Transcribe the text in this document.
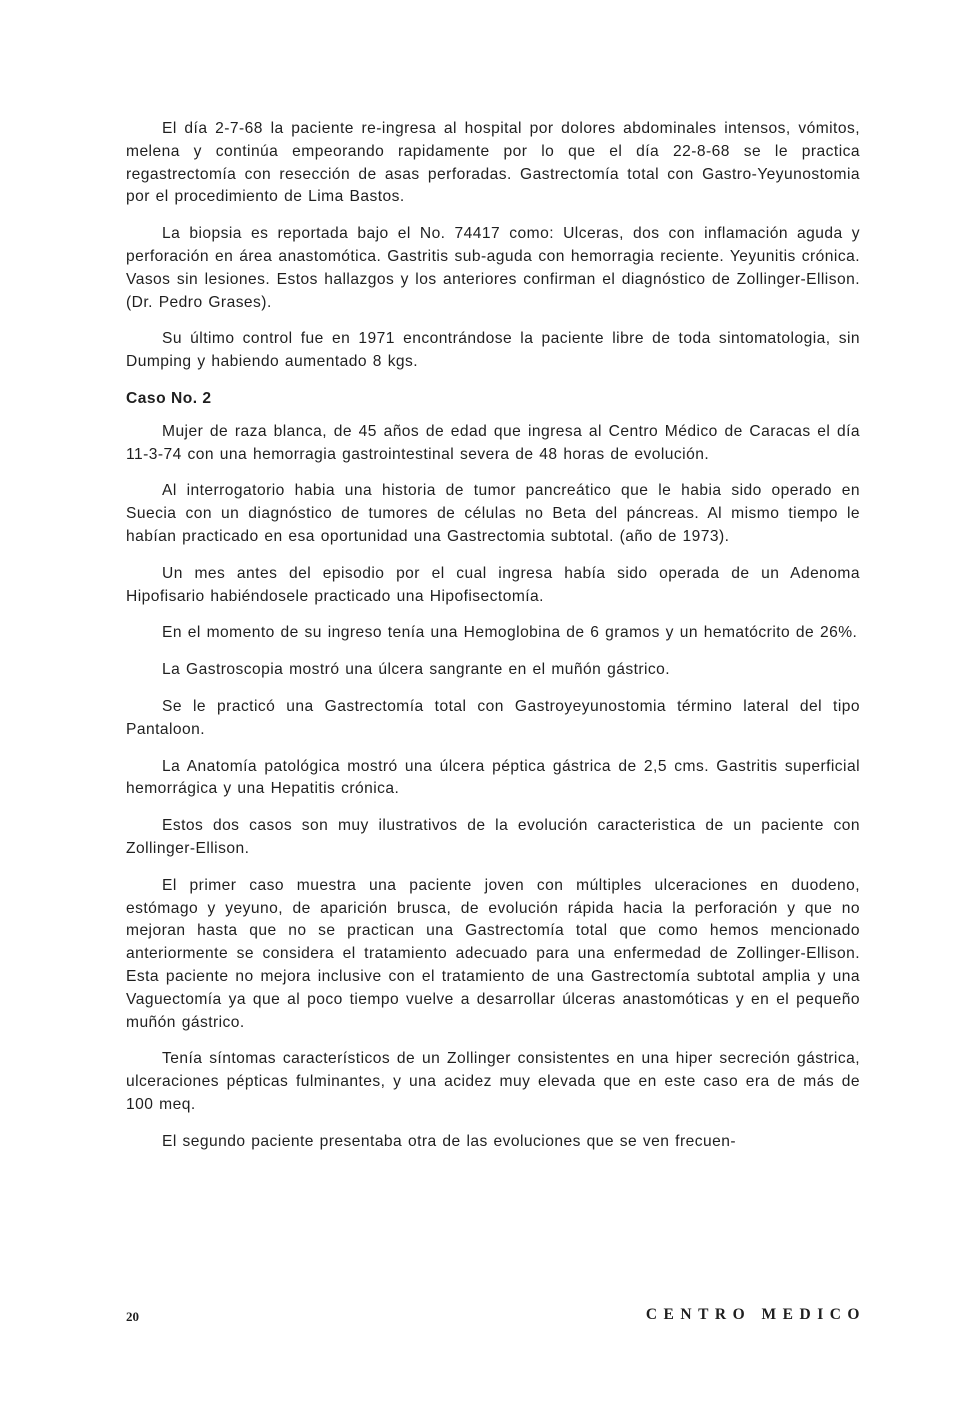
El día 2-7-68 la paciente re-ingresa al hospital por dolores abdominales intensos, vómitos, melena y continúa empeorando rapidamente por lo que el día 22-8-68 se le practica regastrectomía con resección de asas perforadas. Gastrectomía total con Gastro-Yeyunostomia por el procedimiento de Lima Bastos.

La biopsia es reportada bajo el No. 74417 como: Ulceras, dos con inflamación aguda y perforación en área anastomótica. Gastritis sub-aguda con hemorragia reciente. Yeyunitis crónica. Vasos sin lesiones. Estos hallazgos y los anteriores confirman el diagnóstico de Zollinger-Ellison. (Dr. Pedro Grases).

Su último control fue en 1971 encontrándose la paciente libre de toda sintomatologia, sin Dumping y habiendo aumentado 8 kgs.

Caso No. 2

Mujer de raza blanca, de 45 años de edad que ingresa al Centro Médico de Caracas el día 11-3-74 con una hemorragia gastrointestinal severa de 48 horas de evolución.

Al interrogatorio habia una historia de tumor pancreático que le habia sido operado en Suecia con un diagnóstico de tumores de células no Beta del páncreas. Al mismo tiempo le habían practicado en esa oportunidad una Gastrectomia subtotal. (año de 1973).

Un mes antes del episodio por el cual ingresa había sido operada de un Adenoma Hipofisario habiéndosele practicado una Hipofisectomía.

En el momento de su ingreso tenía una Hemoglobina de 6 gramos y un hematócrito de 26%.

La Gastroscopia mostró una úlcera sangrante en el muñón gástrico.

Se le practicó una Gastrectomía total con Gastroyeyunostomia término lateral del tipo Pantaloon.

La Anatomía patológica mostró una úlcera péptica gástrica de 2,5 cms. Gastritis superficial hemorrágica y una Hepatitis crónica.

Estos dos casos son muy ilustrativos de la evolución caracteristica de un paciente con Zollinger-Ellison.

El primer caso muestra una paciente joven con múltiples ulceraciones en duodeno, estómago y yeyuno, de aparición brusca, de evolución rápida hacia la perforación y que no mejoran hasta que no se practican una Gastrectomía total que como hemos mencionado anteriormente se considera el tratamiento adecuado para una enfermedad de Zollinger-Ellison. Esta paciente no mejora inclusive con el tratamiento de una Gastrectomía subtotal amplia y una Vaguectomía ya que al poco tiempo vuelve a desarrollar úlceras anastomóticas y en el pequeño muñón gástrico.

Tenía síntomas característicos de un Zollinger consistentes en una hiper secreción gástrica, ulceraciones pépticas fulminantes, y una acidez muy elevada que en este caso era de más de 100 meq.

El segundo paciente presentaba otra de las evoluciones que se ven frecuen-

20	CENTRO MEDICO
